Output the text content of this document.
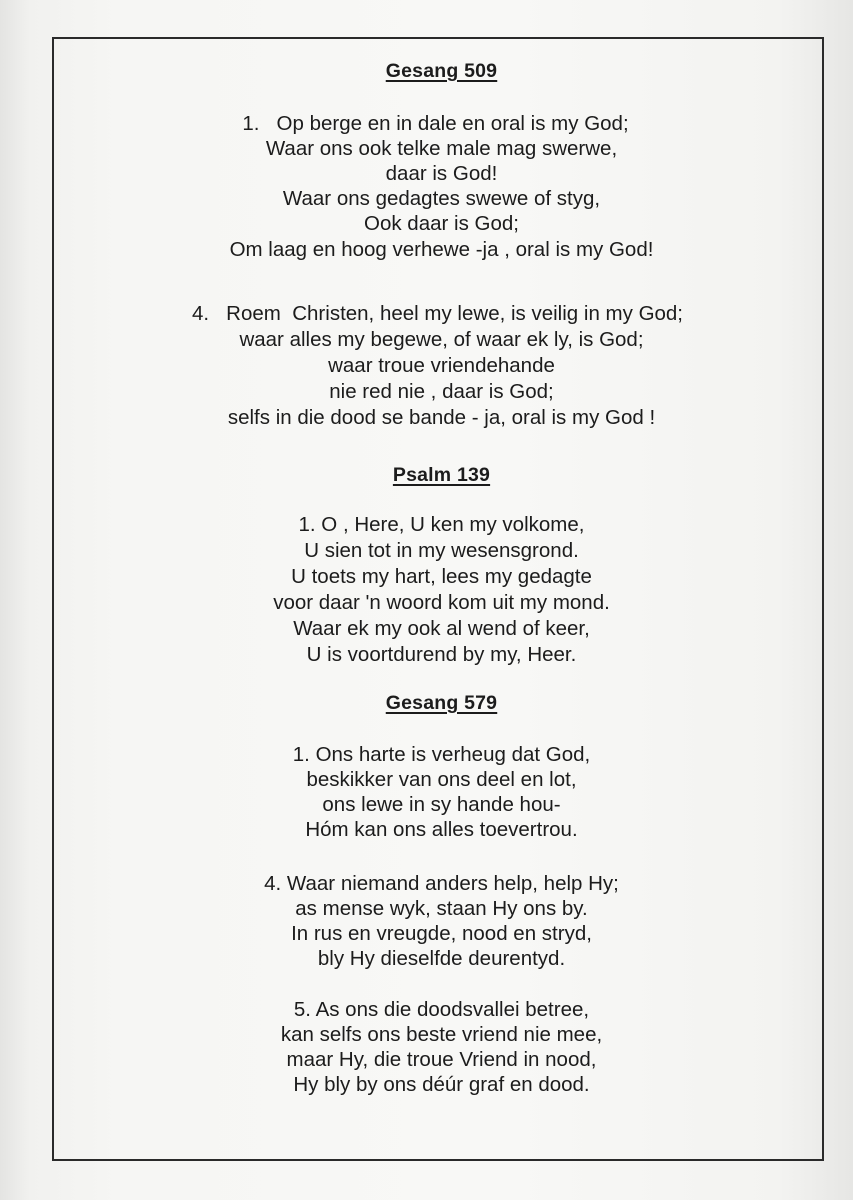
Gesang 509
1.   Op berge en in dale en oral is my God;
Waar ons ook telke male mag swerwe,
daar is God!
Waar ons gedagtes swewe of styg,
Ook daar is God;
Om laag en hoog verhewe -ja , oral is my God!
4.   Roem  Christen, heel my lewe, is veilig in my God;
waar alles my begewe, of waar ek ly, is God;
waar troue vriendehande
nie red nie , daar is God;
selfs in die dood se bande - ja, oral is my God !
Psalm 139
1. O , Here, U ken my volkome,
U sien tot in my wesensgrond.
U toets my hart, lees my gedagte
voor daar 'n woord kom uit my mond.
Waar ek my ook al wend of keer,
U is voortdurend by my, Heer.
Gesang 579
1. Ons harte is verheug dat God,
beskikker van ons deel en lot,
ons lewe in sy hande hou-
Hóm kan ons alles toevertrou.
4. Waar niemand anders help, help Hy;
as mense wyk, staan Hy ons by.
In rus en vreugde, nood en stryd,
bly Hy dieselfde deurentyd.
5. As ons die doodsvallei betree,
kan selfs ons beste vriend nie mee,
maar Hy, die troue Vriend in nood,
Hy bly by ons déúr graf en dood.
